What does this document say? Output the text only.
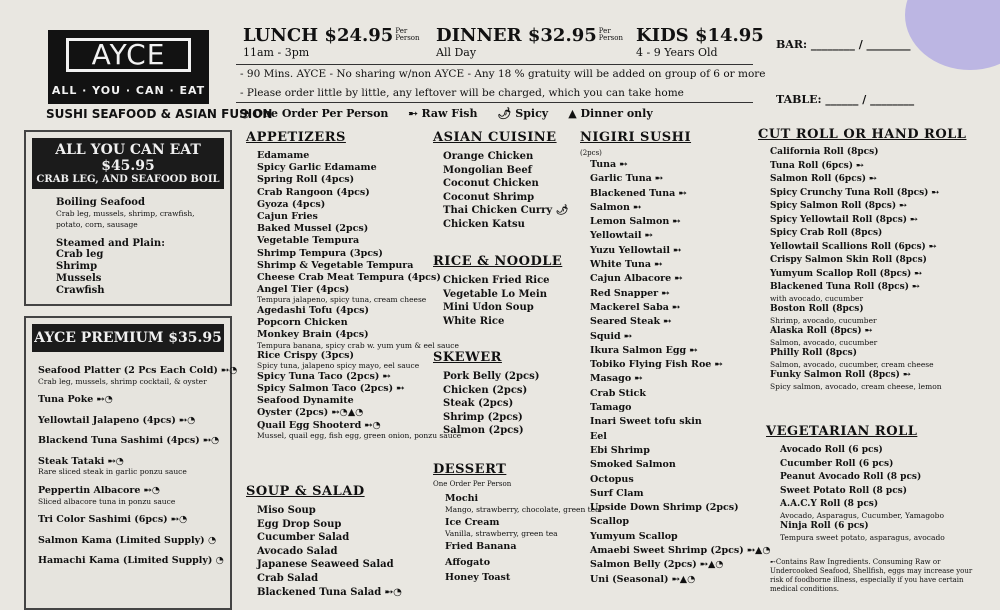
AYCE
ALL · YOU · CAN · EAT
SUSHI SEAFOOD & ASIAN FUSION
LUNCH $24.95 Per Person
11am - 3pm
DINNER $32.95 Per Person
All Day
KIDS $14.95
4 - 9 Years Old
BAR: ________ / ________
TABLE: ______ / ________
- 90 Mins. AYCE - No sharing w/non AYCE - Any 18 % gratuity will be added on group of 6 or more
- Please order little by little, any leftover will be charged, which you can take home
◔ One Order Per Person ➸ Raw Fish 🌶 Spicy ▲ Dinner only
ALL YOU CAN EAT $45.95
CRAB LEG, AND SEAFOOD BOIL
Boiling Seafood
Crab leg, mussels, shrimp, crawfish, potato, corn, sausage
Steamed and Plain:
Crab leg
Shrimp
Mussels
Crawfish
AYCE PREMIUM $35.95
Seafood Platter (2 Pcs Each Cold) ➸◔
Crab leg, mussels, shrimp cocktail, & oyster
Tuna Poke ➸◔
Yellowtail Jalapeno (4pcs) ➸◔
Blackend Tuna Sashimi (4pcs) ➸◔
Steak Tataki ➸◔
Rare sliced steak in garlic ponzu sauce
Peppertin Albacore ➸◔
Sliced albacore tuna in ponzu sauce
Tri Color Sashimi (6pcs) ➸◔
Salmon Kama (Limited Supply) ◔
Hamachi Kama (Limited Supply) ◔
APPETIZERS
Edamame
Spicy Garlic Edamame
Spring Roll (4pcs)
Crab Rangoon (4pcs)
Gyoza (4pcs)
Cajun Fries
Baked Mussel (2pcs)
Vegetable Tempura
Shrimp Tempura (3pcs)
Shrimp & Vegetable Tempura
Cheese Crab Meat Tempura (4pcs)
Angel Tier (4pcs)
Tempura jalapeno, spicy tuna, cream cheese
Agedashi Tofu (4pcs)
Popcorn Chicken
Monkey Brain (4pcs)
Tempura banana, spicy crab w. yum yum & eel sauce
Rice Crispy (3pcs)
Spicy tuna, jalapeno spicy mayo, eel sauce
Spicy Tuna Taco (2pcs) ➸
Spicy Salmon Taco (2pcs) ➸
Seafood Dynamite
Oyster (2pcs) ➸◔▲◔
Quail Egg Shooterd ➸◔
Mussel, quail egg, fish egg, green onion, ponzu sauce
SOUP & SALAD
Miso Soup
Egg Drop Soup
Cucumber Salad
Avocado Salad
Japanese Seaweed Salad
Crab Salad
Blackened Tuna Salad ➸◔
ASIAN CUISINE
Orange Chicken
Mongolian Beef
Coconut Chicken
Coconut Shrimp
Thai Chicken Curry 🌶
Chicken Katsu
RICE & NOODLE
Chicken Fried Rice
Vegetable Lo Mein
Mini Udon Soup
White Rice
SKEWER
Pork Belly (2pcs)
Chicken (2pcs)
Steak (2pcs)
Shrimp (2pcs)
Salmon (2pcs)
DESSERT
One Order Per Person
Mochi
Mango, strawberry, chocolate, green tea
Ice Cream
Vanilla, strawberry, green tea
Fried Banana
Affogato
Honey Toast
NIGIRI SUSHI
(2pcs)
Tuna ➸
Garlic Tuna ➸
Blackened Tuna ➸
Salmon ➸
Lemon Salmon ➸
Yellowtail ➸
Yuzu Yellowtail ➸
White Tuna ➸
Cajun Albacore ➸
Red Snapper ➸
Mackerel Saba ➸
Seared Steak ➸
Squid ➸
Ikura Salmon Egg ➸
Tobiko Flying Fish Roe ➸
Masago ➸
Crab Stick
Tamago
Inari Sweet tofu skin
Eel
Ebi Shrimp
Smoked Salmon
Octopus
Surf Clam
Upside Down Shrimp (2pcs)
Scallop
Yumyum Scallop
Amaebi Sweet Shrimp (2pcs) ➸▲◔
Salmon Belly (2pcs) ➸▲◔
Uni (Seasonal) ➸▲◔
CUT ROLL OR HAND ROLL
California Roll (8pcs)
Tuna Roll (6pcs) ➸
Salmon Roll (6pcs) ➸
Spicy Crunchy Tuna Roll (8pcs) ➸
Spicy Salmon Roll (8pcs) ➸
Spicy Yellowtail Roll (8pcs) ➸
Spicy Crab Roll (8pcs)
Yellowtail Scallions Roll (6pcs) ➸
Crispy Salmon Skin Roll (8pcs)
Yumyum Scallop Roll (8pcs) ➸
Blackened Tuna Roll (8pcs) ➸
with avocado, cucumber
Boston Roll (8pcs)
Shrimp, avocado, cucumber
Alaska Roll (8pcs) ➸
Salmon, avocado, cucumber
Philly Roll (8pcs)
Salmon, avocado, cucumber, cream cheese
Funky Salmon Roll (8pcs) ➸
Spicy salmon, avocado, cream cheese, lemon
VEGETARIAN ROLL
Avocado Roll (6 pcs)
Cucumber Roll (6 pcs)
Peanut Avocado Roll (8 pcs)
Sweet Potato Roll (8 pcs)
A.A.C.Y Roll (8 pcs)
Avocado, Asparagus, Cucumber, Yamagobo
Ninja Roll (6 pcs)
Tempura sweet potato, asparagus, avocado
➸Contains Raw Ingredients. Consuming Raw or Undercooked Seafood, Shellfish, eggs may increase your risk of foodborne illness, especially if you have certain medical conditions.
